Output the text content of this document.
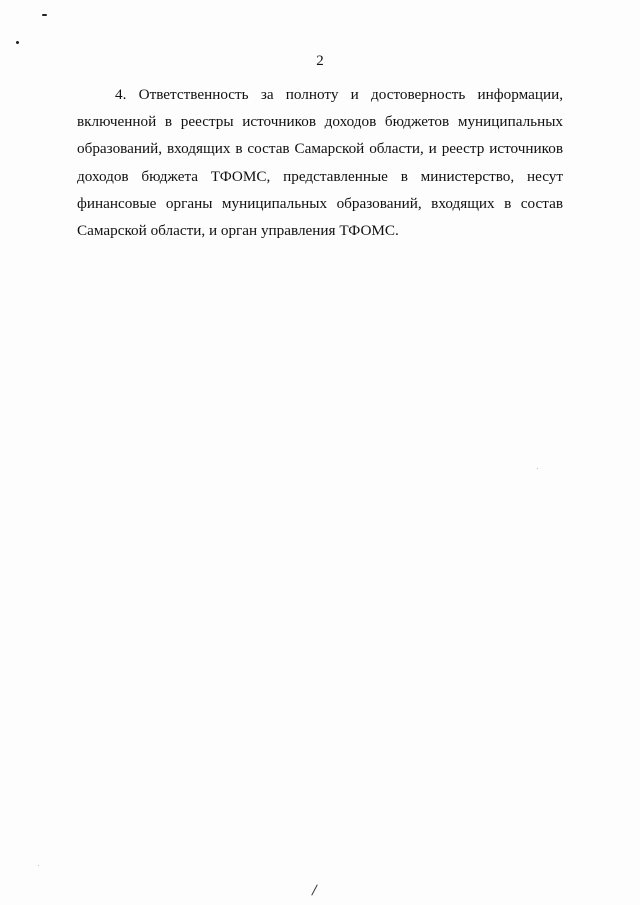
2

4. Ответственность за полноту и достоверность информации, включенной в реестры источников доходов бюджетов муниципальных образований, входящих в состав Самарской области, и реестр источников доходов бюджета ТФОМС, представленные в министерство, несут финансовые органы муниципальных образований, входящих в состав Самарской области, и орган управления ТФОМС.
